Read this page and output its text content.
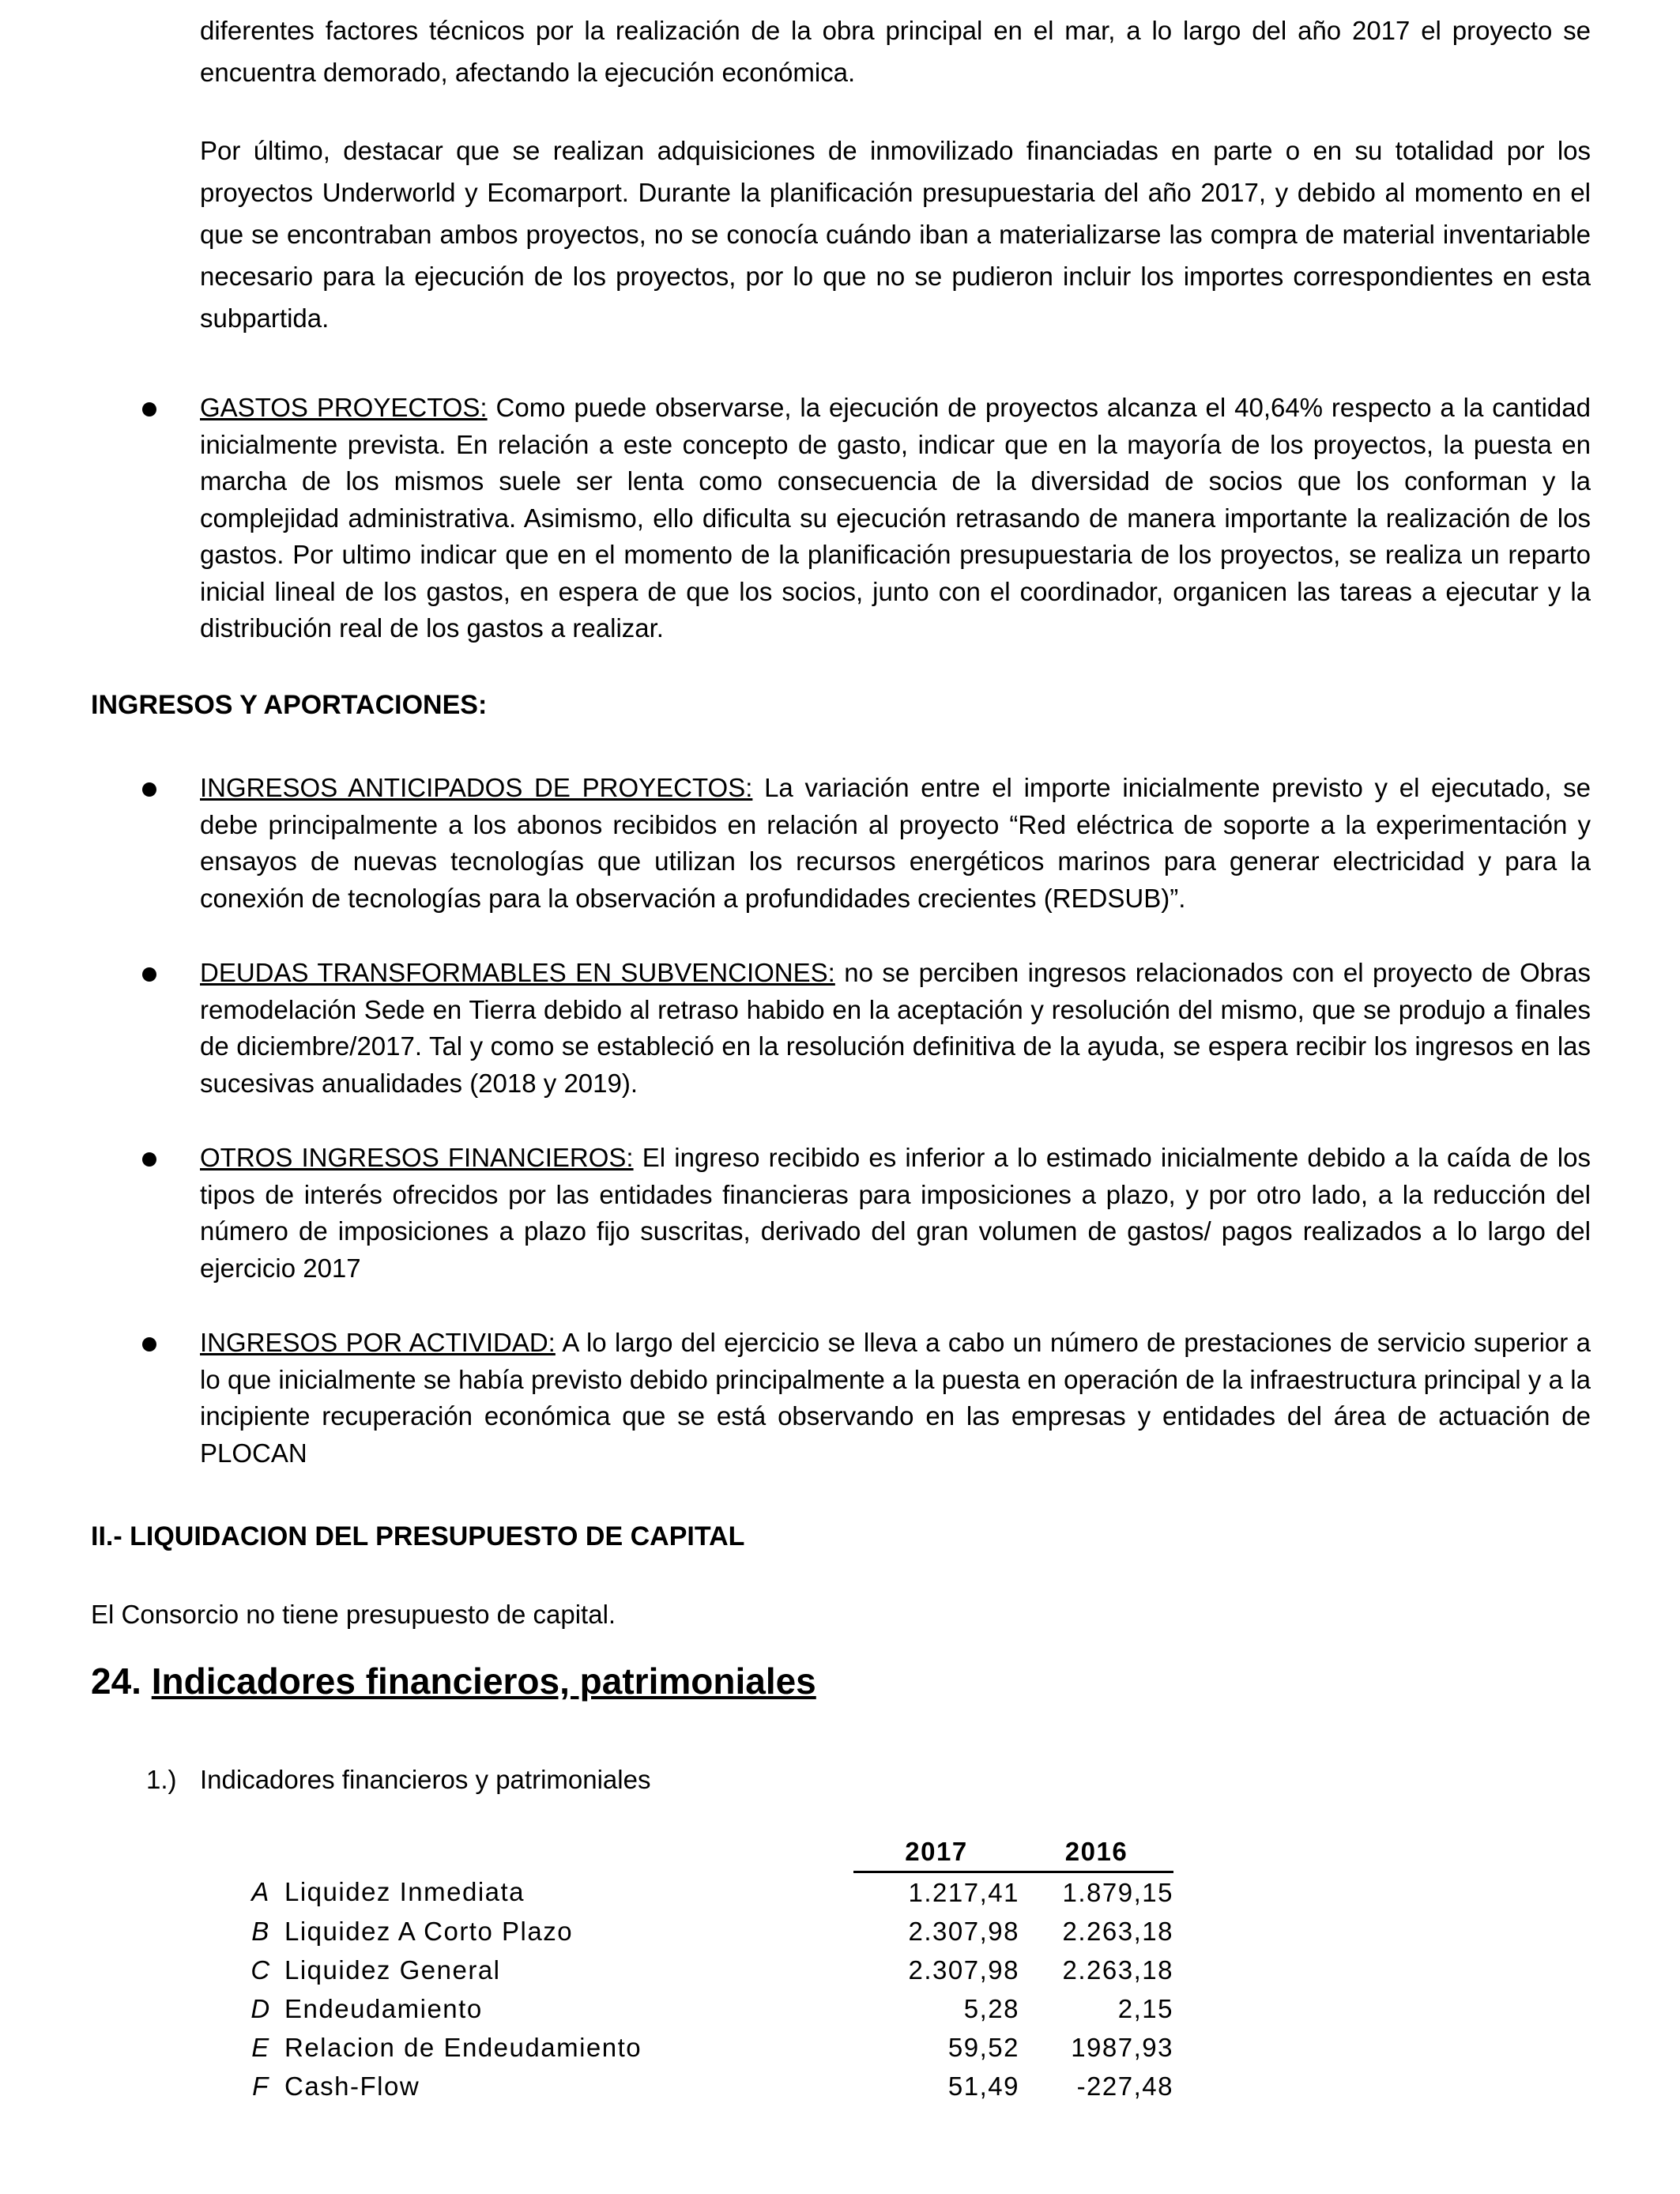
diferentes factores técnicos por la realización de la obra principal en el mar, a lo largo del año 2017 el proyecto se encuentra demorado, afectando la ejecución económica.

Por último, destacar que se realizan adquisiciones de inmovilizado financiadas en parte o en su totalidad por los proyectos Underworld y Ecomarport. Durante la planificación presupuestaria del año 2017, y debido al momento en el que se encontraban ambos proyectos, no se conocía cuándo iban a materializarse las compra de material inventariable necesario para la ejecución de los proyectos, por lo que no se pudieron incluir los importes correspondientes en esta subpartida.

GASTOS PROYECTOS: Como puede observarse, la ejecución de proyectos alcanza el 40,64% respecto a la cantidad inicialmente prevista. En relación a este concepto de gasto, indicar que en la mayoría de los proyectos, la puesta en marcha de los mismos suele ser lenta como consecuencia de la diversidad de socios que los conforman y la complejidad administrativa. Asimismo, ello dificulta su ejecución retrasando de manera importante la realización de los gastos. Por ultimo indicar que en el momento de la planificación presupuestaria de los proyectos, se realiza un reparto inicial lineal de los gastos, en espera de que los socios, junto con el coordinador, organicen las tareas a ejecutar y la distribución real de los gastos a realizar.

INGRESOS Y APORTACIONES:

INGRESOS ANTICIPADOS DE PROYECTOS: La variación entre el importe inicialmente previsto y el ejecutado, se debe principalmente a los abonos recibidos en relación al proyecto “Red eléctrica de soporte a la experimentación y ensayos de nuevas tecnologías que utilizan los recursos energéticos marinos para generar electricidad y para la conexión de tecnologías para la observación a profundidades crecientes (REDSUB)”.

DEUDAS TRANSFORMABLES EN SUBVENCIONES: no se perciben ingresos relacionados con el proyecto de Obras remodelación Sede en Tierra debido al retraso habido en la aceptación y resolución del mismo, que se produjo a finales de diciembre/2017. Tal y como se estableció en la resolución definitiva de la ayuda, se espera recibir los ingresos en las sucesivas anualidades (2018 y 2019).

OTROS INGRESOS FINANCIEROS: El ingreso recibido es inferior a lo estimado inicialmente debido a la caída de los tipos de interés ofrecidos por las entidades financieras para imposiciones a plazo, y por otro lado, a la reducción del número de imposiciones a plazo fijo suscritas, derivado del gran volumen de gastos/ pagos realizados a lo largo del ejercicio 2017

INGRESOS POR ACTIVIDAD: A lo largo del ejercicio se lleva a cabo un número de prestaciones de servicio superior a lo que inicialmente se había previsto debido principalmente a la puesta en operación de la infraestructura principal y a la incipiente recuperación económica que se está observando en las empresas y entidades del área de actuación de PLOCAN

II.- LIQUIDACION DEL PRESUPUESTO DE CAPITAL

El Consorcio no tiene presupuesto de capital.

24. Indicadores financieros, patrimoniales

1.) Indicadores financieros y patrimoniales

		2017	2016
A	Liquidez Inmediata	1.217,41	1.879,15
B	Liquidez A Corto Plazo	2.307,98	2.263,18
C	Liquidez General	2.307,98	2.263,18
D	Endeudamiento	5,28	2,15
E	Relacion de Endeudamiento	59,52	1987,93
F	Cash-Flow	51,49	-227,48
